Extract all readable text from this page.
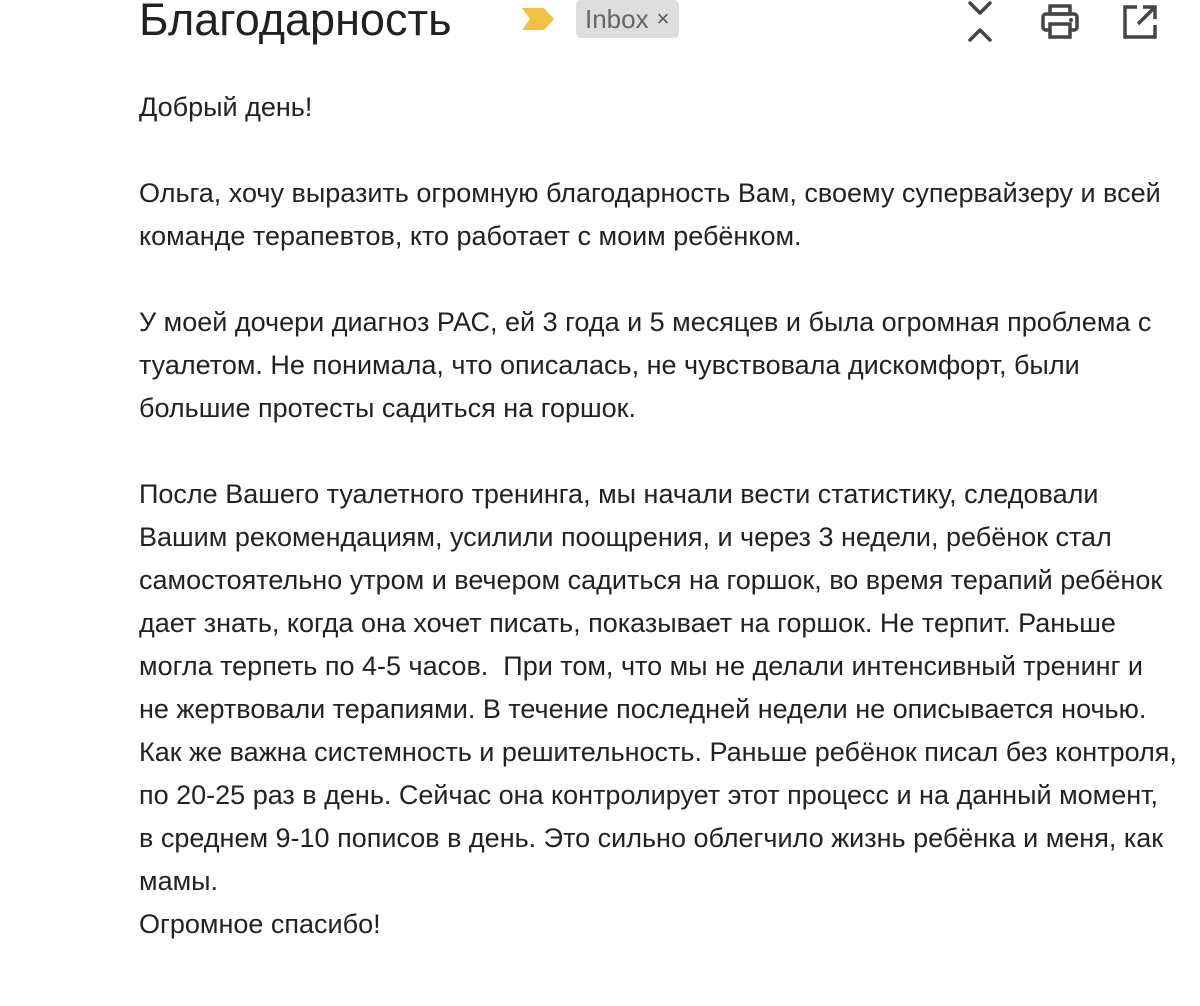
Благодарность	Inbox ×

Добрый день!

Ольга, хочу выразить огромную благодарность Вам, своему супервайзеру и всей команде терапевтов, кто работает с моим ребёнком.

У моей дочери диагноз РАС, ей 3 года и 5 месяцев и была огромная проблема с туалетом. Не понимала, что описалась, не чувствовала дискомфорт, были большие протесты садиться на горшок.

После Вашего туалетного тренинга, мы начали вести статистику, следовали Вашим рекомендациям, усилили поощрения, и через 3 недели, ребёнок стал самостоятельно утром и вечером садиться на горшок, во время терапий ребёнок дает знать, когда она хочет писать, показывает на горшок. Не терпит. Раньше могла терпеть по 4-5 часов.  При том, что мы не делали интенсивный тренинг и не жертвовали терапиями. В течение последней недели не описывается ночью.  Как же важна системность и решительность. Раньше ребёнок писал без контроля, по 20-25 раз в день. Сейчас она контролирует этот процесс и на данный момент, в среднем 9-10 пописов в день. Это сильно облегчило жизнь ребёнка и меня, как мамы.

Огромное спасибо!
